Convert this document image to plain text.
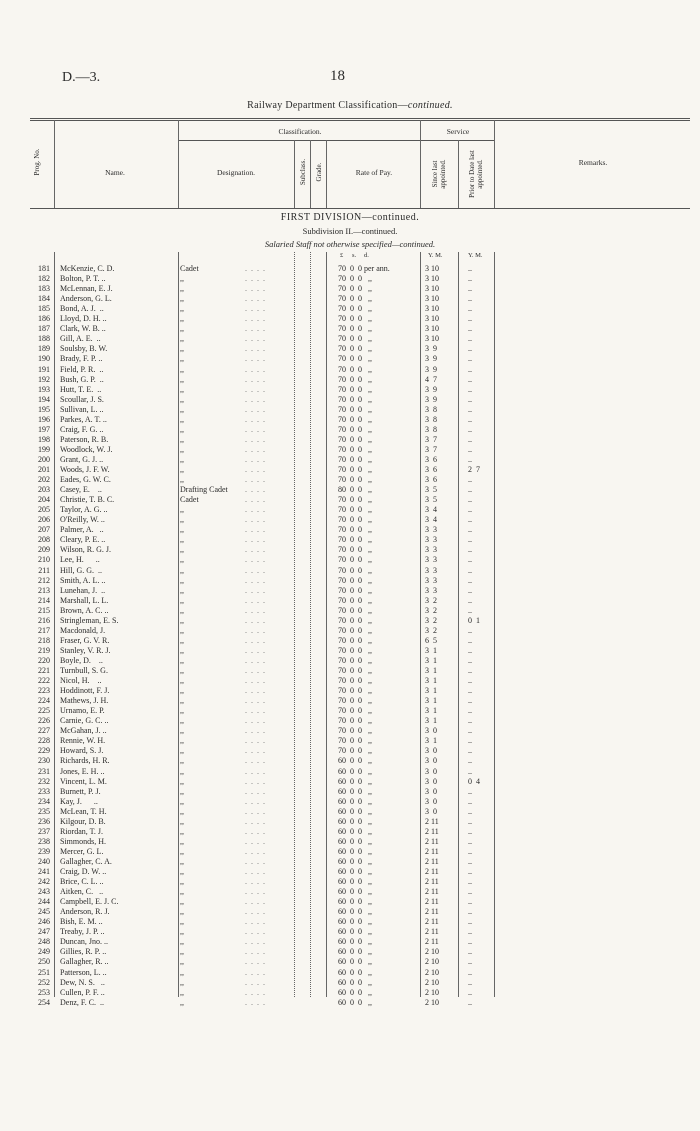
D.—3.	18
Railway Department Classification—continued.
Prog. No.	Name.
Classification.
Designation.	Subclass. Grade.	Rate of Pay.
Service
Since last appointed.	Prior to Date last appointed.	Remarks.
FIRST DIVISION—continued.
Subdivision II.—continued.
Salaried Staff not otherwise specified—continued.
£ s. d.	Y. M.	Y. M.
181 McKenzie, C. D.	Cadet	70  0  0 per ann.	3 10	..
. . . .
182 Bolton, P. T. ..	,,	70  0  0   ,,	3 10	..
. . . .
183 McLennan, E. J.	,,	70  0  0   ,,	3 10	..
. . . .
184 Anderson, G. L.	,,	70  0  0   ,,	3 10	..
. . . .
185 Bond, A. J.  ..	,,	70  0  0   ,,	3 10	..
. . . .
186 Lloyd, D. H. ..	,,	70  0  0   ,,	3 10	..
. . . .
187 Clark, W. B. ..	,,	70  0  0   ,,	3 10	..
. . . .
188 Gill, A. E.  ..	,,	70  0  0   ,,	3 10	..
. . . .
189 Soulsby, B. W.	,,	70  0  0   ,,	3  9	..
. . . .
190 Brady, F. P. ..	,,	70  0  0   ,,	3  9	..
. . . .
191 Field, P. R.  ..	,,	70  0  0   ,,	3  9	..
. . . .
192 Bush, G. P.  ..	,,	70  0  0   ,,	4  7	..
. . . .
193 Hutt, T. E.  ..	,,	70  0  0   ,,	3  9	..
. . . .
194 Scoullar, J. S.	,,	70  0  0   ,,	3  9	..
. . . .
195 Sullivan, L. ..	,,	70  0  0   ,,	3  8	..
. . . .
196 Parkes, A. T. ..	,,	70  0  0   ,,	3  8	..
. . . .
197 Craig, F. G. ..	,,	70  0  0   ,,	3  8	..
. . . .
198 Paterson, R. B.	,,	70  0  0   ,,	3  7	..
. . . .
199 Woodlock, W. J.	,,	70  0  0   ,,	3  7	..
. . . .
200 Grant, G. J. ..	,,	70  0  0   ,,	3  6	..
. . . .
201 Woods, J. F. W.	,,	70  0  0   ,,	3  6	2  7
. . . .
202 Eades, G. W. C.	,,	70  0  0   ,,	3  6	..
. . . .
203 Casey, E.    ..	Drafting Cadet	80  0  0   ,,	3  5	..
. . . .
204 Christie, T. B. C.	Cadet	70  0  0   ,,	3  5	..
. . . .
205 Taylor, A. G. ..	,,	70  0  0   ,,	3  4	..
. . . .
206 O'Reilly, W. ..	,,	70  0  0   ,,	3  4	..
. . . .
207 Palmer, A.   ..	,,	70  0  0   ,,	3  3	..
. . . .
208 Cleary, P. E. ..	,,	70  0  0   ,,	3  3	..
. . . .
209 Wilson, R. G. J.	,,	70  0  0   ,,	3  3	..
. . . .
210 Lee, H.      ..	,,	70  0  0   ,,	3  3	..
. . . .
211 Hill, G. G.  ..	,,	70  0  0   ,,	3  3	..
. . . .
212 Smith, A. L. ..	,,	70  0  0   ,,	3  3	..
. . . .
213 Lunehan, J.  ..	,,	70  0  0   ,,	3  3	..
. . . .
214 Marshall, L. L.	,,	70  0  0   ,,	3  2	..
. . . .
215 Brown, A. C. ..	,,	70  0  0   ,,	3  2	..
. . . .
216 Stringleman, E. S.	,,	70  0  0   ,,	3  2	0  1
. . . .
217 Macdonald, J.	,,	70  0  0   ,,	3  2	..
. . . .
218 Fraser, G. V. R.	,,	70  0  0   ,,	6  5	..
. . . .
219 Stanley, V. R. J.	,,	70  0  0   ,,	3  1	..
. . . .
220 Boyle, D.    ..	,,	70  0  0   ,,	3  1	..
. . . .
221 Turnbull, S. G.	,,	70  0  0   ,,	3  1	..
. . . .
222 Nicol, H.    ..	,,	70  0  0   ,,	3  1	..
. . . .
223 Hoddinott, F. J.	,,	70  0  0   ,,	3  1	..
. . . .
224 Mathews, J. H.	,,	70  0  0   ,,	3  1	..
. . . .
225 Urnamo, E. P.	,,	70  0  0   ,,	3  1	..
. . . .
226 Carnie, G. C. ..	,,	70  0  0   ,,	3  1	..
. . . .
227 McGahan, J. ..	,,	70  0  0   ,,	3  0	..
. . . .
228 Rennie, W. H.	,,	70  0  0   ,,	3  1	..
. . . .
229 Howard, S. J.	,,	70  0  0   ,,	3  0	..
. . . .
230 Richards, H. R.	,,	60  0  0   ,,	3  0	..
. . . .
231 Jones, E. H. ..	,,	60  0  0   ,,	3  0	..
. . . .
232 Vincent, L. M.	,,	60  0  0   ,,	3  0	0  4
. . . .
233 Burnett, P. J.	,,	60  0  0   ,,	3  0	..
. . . .
234 Kay, J.      ..	,,	60  0  0   ,,	3  0	..
. . . .
235 McLean, T. H.	,,	60  0  0   ,,	3  0	..
. . . .
236 Kilgour, D. B.	,,	60  0  0   ,,	2 11	..
. . . .
237 Riordan, T. J.	,,	60  0  0   ,,	2 11	..
. . . .
238 Simmonds, H.	,,	60  0  0   ,,	2 11	..
. . . .
239 Mercer, G. L.	,,	60  0  0   ,,	2 11	..
. . . .
240 Gallagher, C. A.	,,	60  0  0   ,,	2 11	..
. . . .
241 Craig, D. W. ..	,,	60  0  0   ,,	2 11	..
. . . .
242 Brice, C. L. ..	,,	60  0  0   ,,	2 11	..
. . . .
243 Aitken, C.   ..	,,	60  0  0   ,,	2 11	..
. . . .
244 Campbell, E. J. C.	,,	60  0  0   ,,	2 11	..
. . . .
245 Anderson, R. J.	,,	60  0  0   ,,	2 11	..
. . . .
246 Bish, E. M. ..	,,	60  0  0   ,,	2 11	..
. . . .
247 Treaby, J. P. ..	,,	60  0  0   ,,	2 11	..
. . . .
248 Duncan, Jno. ..	,,	60  0  0   ,,	2 11	..
. . . .
249 Gillies, R. P. ..	,,	60  0  0   ,,	2 10	..
. . . .
250 Gallagher, R. ..	,,	60  0  0   ,,	2 10	..
. . . .
251 Patterson, L. ..	,,	60  0  0   ,,	2 10	..
. . . .
252 Dew, N. S.   ..	,,	60  0  0   ,,	2 10	..
. . . .
253 Cullen, P. F. ..	,,	60  0  0   ,,	2 10	..
. . . .
254 Denz, F. C.  ..	,,	60  0  0   ,,	2 10	..
. . . .
